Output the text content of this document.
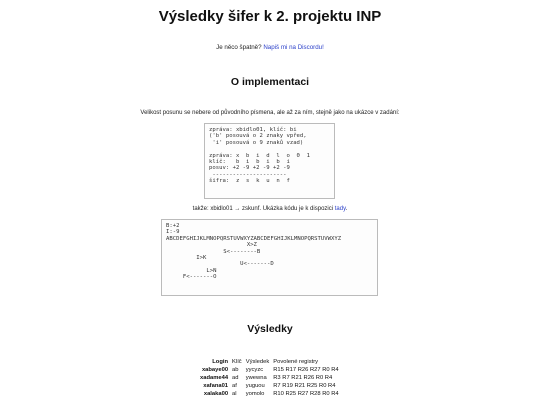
Výsledky šifer k 2. projektu INP
Je něco špatně? Napiš mi na Discordu!
O implementaci
Velikost posunu se nebere od původního písmena, ale až za ním, stejně jako na ukázce v zadání:
zpráva: xbidlo01, klíč: bi
('b' posouvá o 2 znaky vpřed,
'i' posouvá o 9 znaků vzad)

zpráva: x  b  i  d  l  o  0  1
klíč:   b  i  b  i  b  i
posuv: +2 -9 +2 -9 +2 -9
----------------------
šifra:  z  s  k  u  n  f
takže: xbidlo01 → zskunf. Ukázka kódu je k dispozici tady.
B:+2
I:-9
ABCDEFGHIJKLMNOPQRSTUVWXYZABCDEFGHIJKLMNOPQRSTUVWXYZ
X>Z
S<--------B
I>K
U<-------D
L>N
F<-------O
Výsledky
Login	Klíč	Výsledek	Povolené registry
xabaye00	ab	yycyzc	R15 R17 R26 R27 R0 R4
xadame44	ad	ywewna	R3 R7 R21 R26 R0 R4
xafana01	af	yuguou	R7 R19 R21 R25 R0 R4
xalaka00	al	yomolo	R10 R25 R27 R28 R0 R4
